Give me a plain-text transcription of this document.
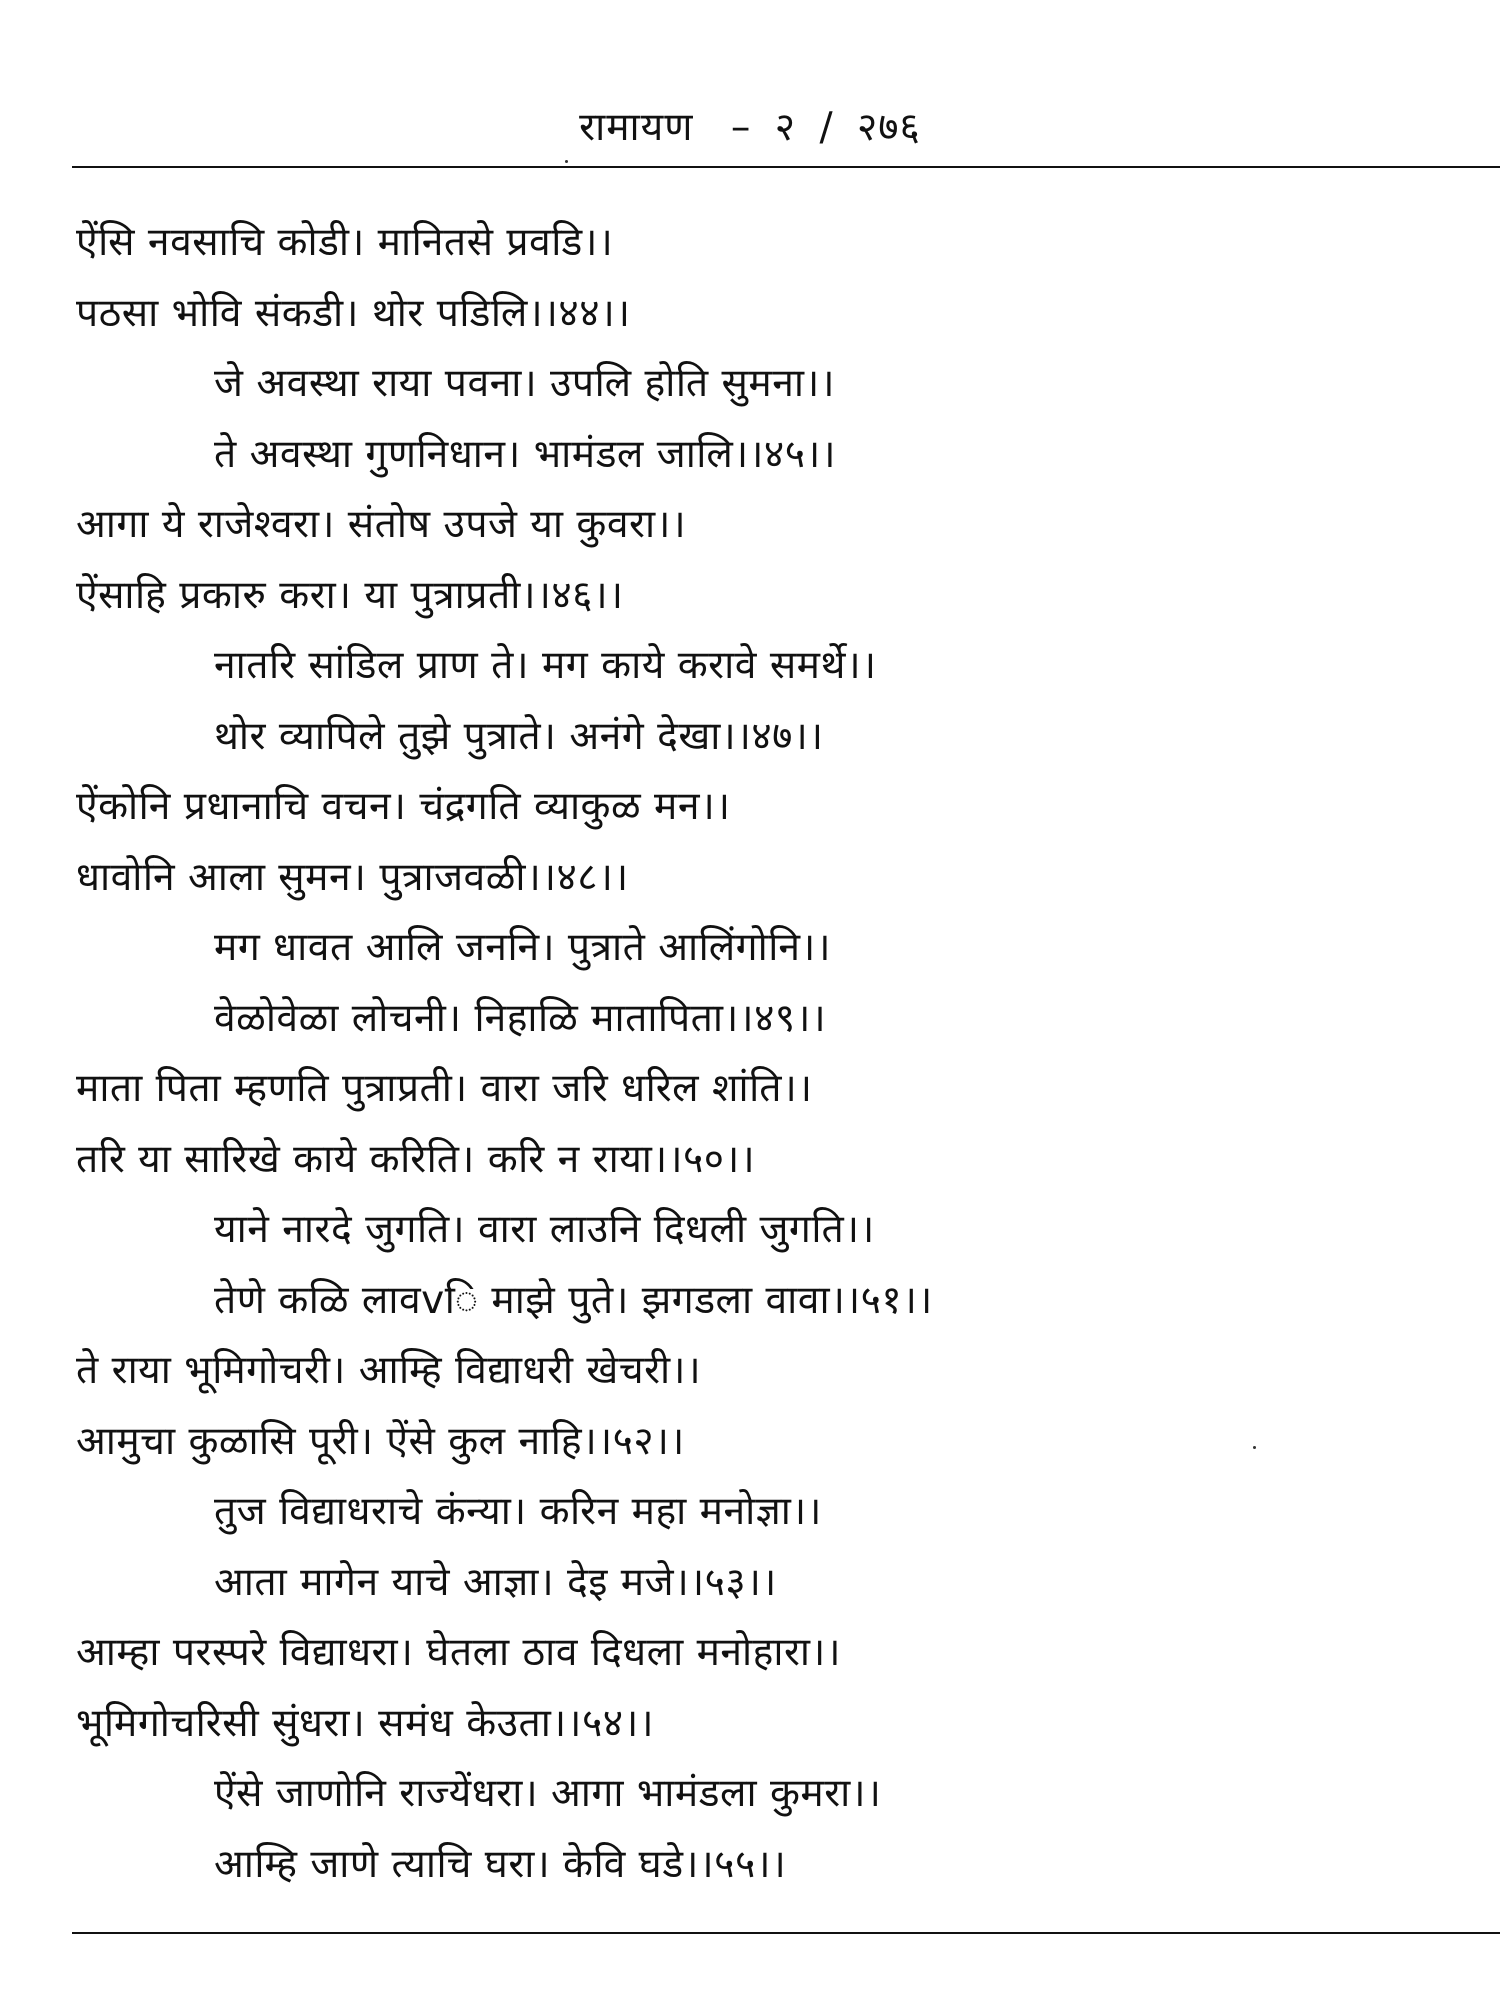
रामायण – २ / २७६
ऐंसि नवसाचि कोडी। मानितसे प्रवडि।।
पठसा भोवि संकडी। थोर पडिलि।।४४।।
जे अवस्था राया पवना। उपलि होति सुमना।।
ते अवस्था गुणनिधान। भामंडल जालि।।४५।।
आगा ये राजेश्वरा। संतोष उपजे या कुवरा।।
ऐंसाहि प्रकारु करा। या पुत्राप्रती।।४६।।
नातरि सांडिल प्राण ते। मग काये करावे समर्थे।।
थोर व्यापिले तुझे पुत्राते। अनंगे देखा।।४७।।
ऐंकोनि प्रधानाचि वचन। चंद्रगति व्याकुळ मन।।
धावोनि आला सुमन। पुत्राजवळी।।४८।।
मग धावत आलि जननि। पुत्राते आलिंगोनि।।
वेळोवेळा लोचनी। निहाळि मातापिता।।४९।।
माता पिता म्हणति पुत्राप्रती। वारा जरि धरिल शांति।।
तरि या सारिखे काये करिति। करि न राया।।५०।।
याने नारदे जुगति। वारा लाउनि दिधली जुगति।।
तेणे कळि लावvि माझे पुते। झगडला वावा।।५१।।
ते राया भूमिगोचरी। आम्हि विद्याधरी खेचरी।।
आमुचा कुळासि पूरी। ऐंसे कुल नाहि।।५२।।
तुज विद्याधराचे कंन्या। करिन महा मनोज्ञा।।
आता मागेन याचे आज्ञा। देइ मजे।।५३।।
आम्हा परस्परे विद्याधरा। घेतला ठाव दिधला मनोहारा।।
भूमिगोचरिसी सुंधरा। समंध केउता।।५४।।
ऐंसे जाणोनि राज्येंधरा। आगा भामंडला कुमरा।।
आम्हि जाणे त्याचि घरा। केवि घडे।।५५।।
